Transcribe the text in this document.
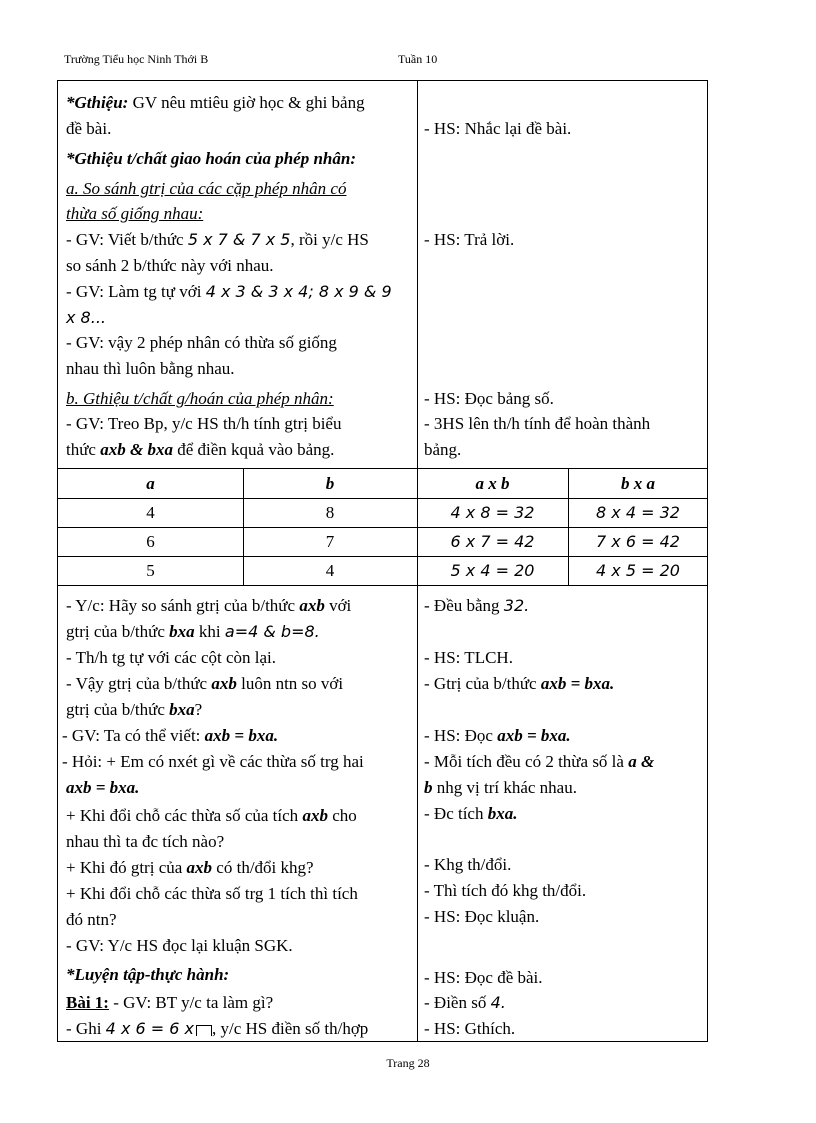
Trường Tiểu học Ninh Thới B	Tuần 10
*Gthiệu: GV nêu mtiêu giờ học & ghi bảng
đề bài.	- HS: Nhắc lại đề bài.
*Gthiệu t/chất giao hoán của phép nhân:
a. So sánh gtrị của các cặp phép nhân có
thừa số giống nhau:
- GV: Viết b/thức 5 x 7 & 7 x 5, rồi y/c HS	- HS: Trả lời.
so sánh 2 b/thức này với nhau.
- GV: Làm tg tự với 4 x 3 & 3 x 4; 8 x 9 & 9
x 8...
- GV: vậy 2 phép nhân có thừa số giống
nhau thì luôn bằng nhau.
b. Gthiệu t/chất g/hoán của phép nhân:	- HS: Đọc bảng số.
- GV: Treo Bp, y/c HS th/h tính gtrị biểu	- 3HS lên th/h tính để hoàn thành
thức axb & bxa để điền kquả vào bảng.	bảng.
a	b	a x b	b x a
4	8	4 x 8 = 32	8 x 4 = 32
6	7	6 x 7 = 42	7 x 6 = 42
5	4	5 x 4 = 20	4 x 5 = 20
- Y/c: Hãy so sánh gtrị của b/thức axb với	- Đều bằng 32.
gtrị của b/thức bxa khi a=4 & b=8.
- Th/h tg tự với các cột còn lại.	- HS: TLCH.
- Vậy gtrị của b/thức axb luôn ntn so với	- Gtrị của b/thức axb = bxa.
gtrị của b/thức bxa?
- GV: Ta có thể viết: axb = bxa.	- HS: Đọc axb = bxa.
- Hỏi: + Em có nxét gì về các thừa số trg hai	- Mỗi tích đều có 2 thừa số là a &
axb = bxa.	b nhg vị trí khác nhau.
+ Khi đổi chỗ các thừa số của tích axb cho	- Đc tích bxa.
nhau thì ta đc tích nào?
+ Khi đó gtrị của axb có th/đổi khg?	- Khg th/đổi.
+ Khi đổi chỗ các thừa số trg 1 tích thì tích	- Thì tích đó khg th/đổi.
đó ntn?	- HS: Đọc kluận.
- GV: Y/c HS đọc lại kluận SGK.
*Luyện tập-thực hành:	- HS: Đọc đề bài.
Bài 1: - GV: BT y/c ta làm gì?	- Điền số 4.
- Ghi 4 x 6 = 6 x , y/c HS điền số th/hợp	- HS: Gthích.
Trang 28
